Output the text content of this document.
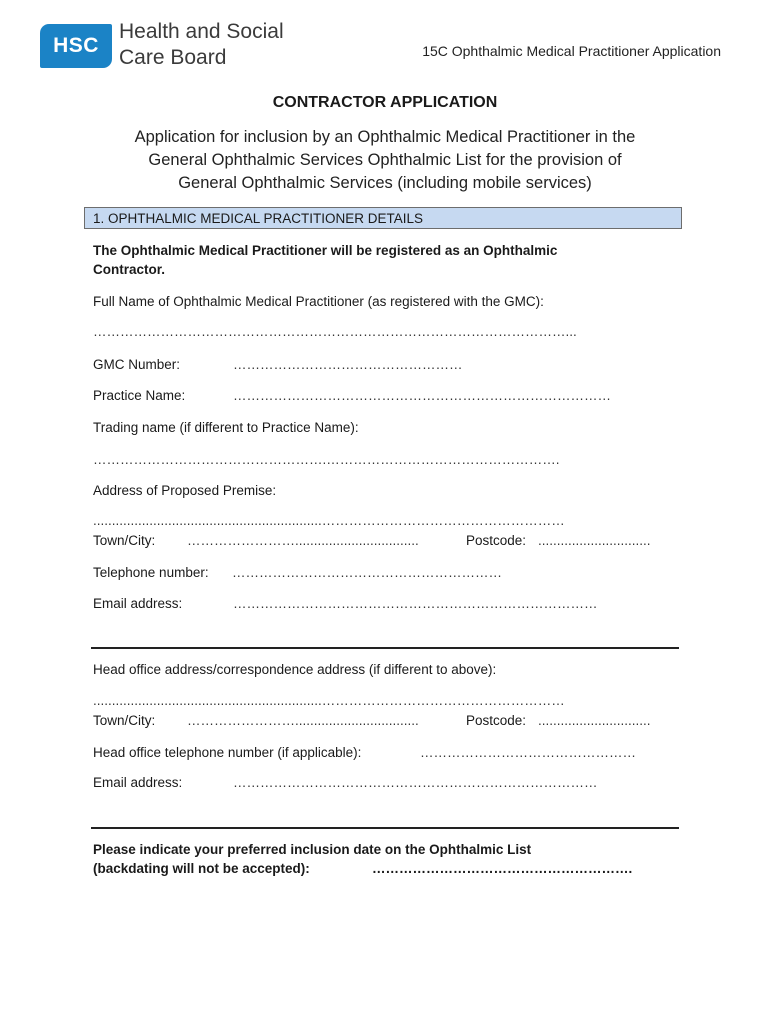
HSC
Health and Social
Care Board	15C Ophthalmic Medical Practitioner Application
CONTRACTOR APPLICATION
Application for inclusion by an Ophthalmic Medical Practitioner in the
General Ophthalmic Services Ophthalmic List for the provision of
General Ophthalmic Services (including mobile services)
1. OPHTHALMIC MEDICAL PRACTITIONER DETAILS
The Ophthalmic Medical Practitioner will be registered as an Ophthalmic
Contractor.
Full Name of Ophthalmic Medical Practitioner (as registered with the GMC):
……………………………………………………………………………………………...
GMC Number:	……………………………………………
Practice Name:	…………………………………………………………………………
Trading name (if different to Practice Name):
…………………………………………….…………………………………………….
Address of Proposed Premise:
.............................................................………………………………………………
Town/City: …………………….................................	Postcode: ..............................
Telephone number: ……………………………………………………
Email address:	………………………………………………………………………
Head office address/correspondence address (if different to above):
.............................................................………………………………………………
Town/City: …………………….................................	Postcode: ..............................
Head office telephone number (if applicable):	…………………………………………
Email address:	………………………………………………………………………
Please indicate your preferred inclusion date on the Ophthalmic List
(backdating will not be accepted):	………………………………………………….
